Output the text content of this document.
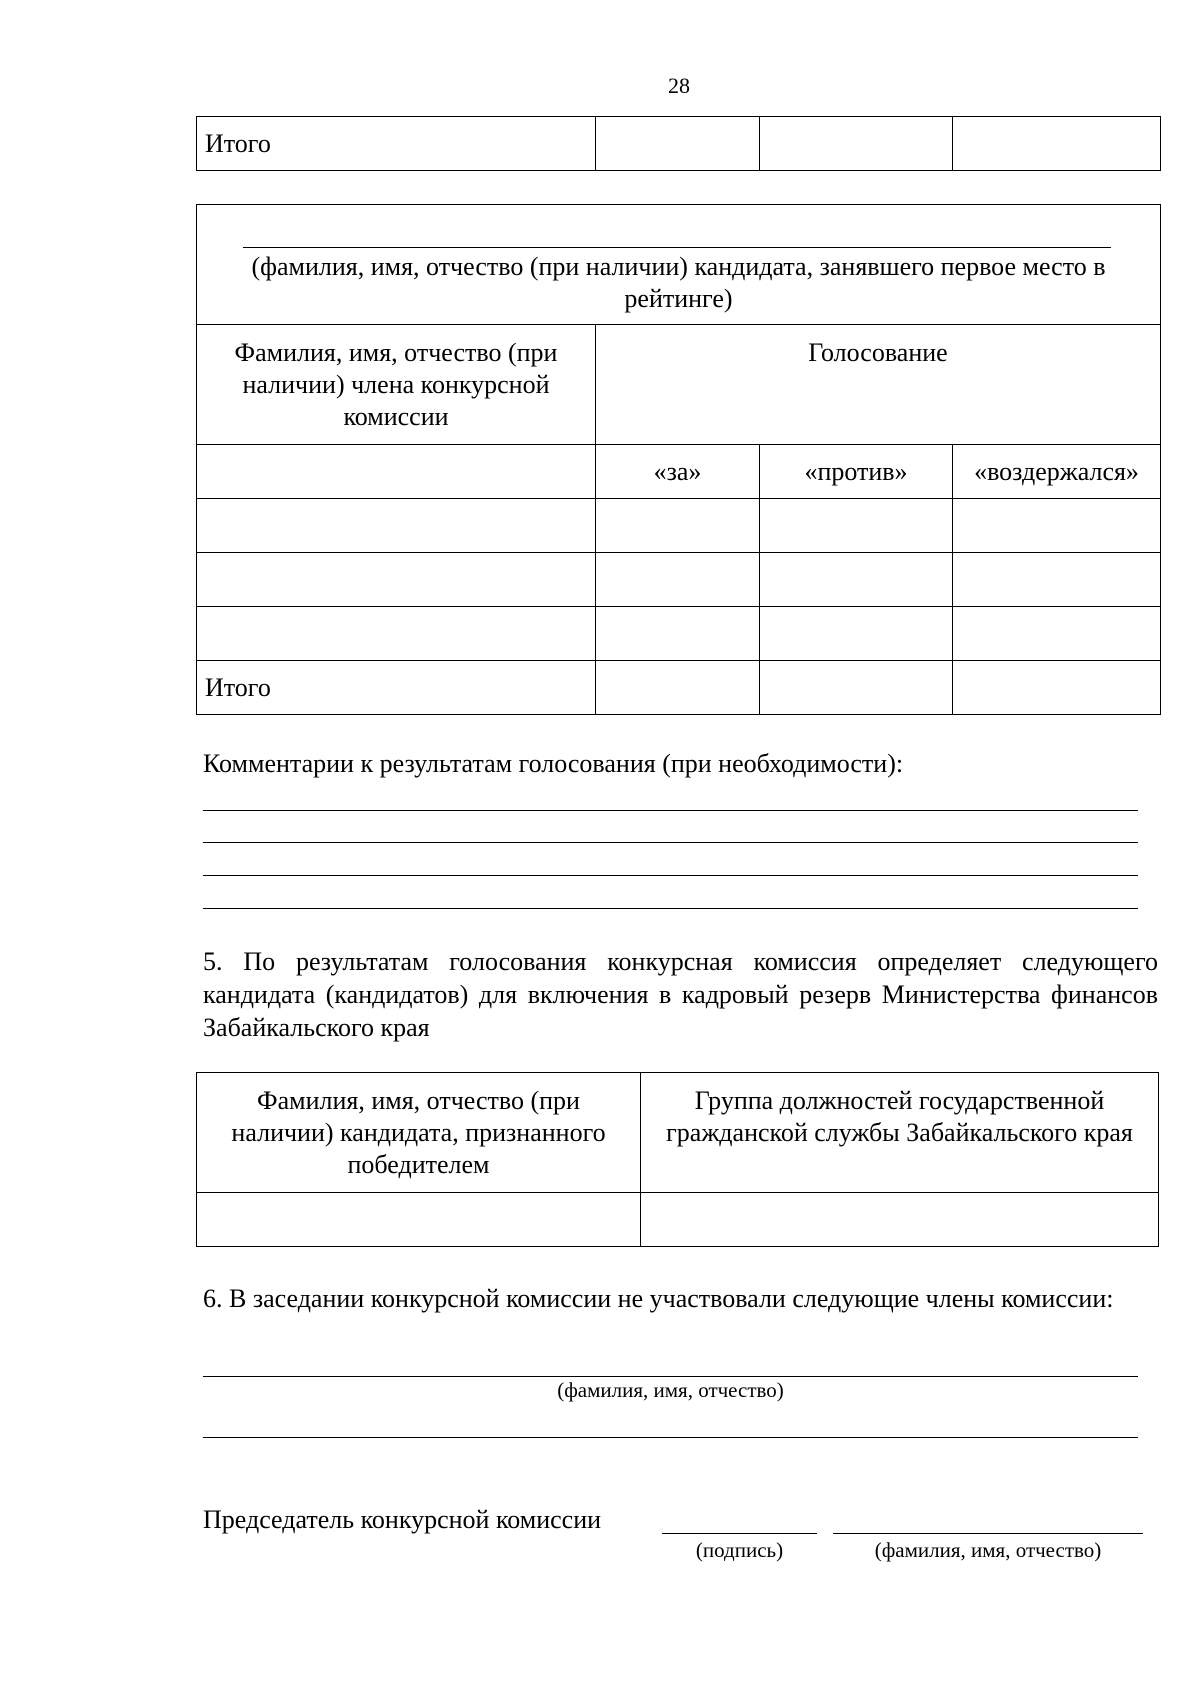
28
Итого

(фамилия, имя, отчество (при наличии) кандидата, занявшего первое место в рейтинге)			

Фамилия, имя, отчество (при наличии) члена конкурсной комиссии	Голосование		

	«за»	«против»	«воздержался»

Итого			

Комментарии к результатам голосования (при необходимости):
5. По результатам голосования конкурсная комиссия определяет следующего кандидата (кандидатов) для включения в кадровый резерв Министерства финансов Забайкальского края
Фамилия, имя, отчество (при наличии) кандидата, признанного победителем	Группа должностей государственной гражданской службы Забайкальского края

6. В заседании конкурсной комиссии не участвовали следующие члены комиссии:
(фамилия, имя, отчество)
Председатель конкурсной комиссии
(подпись)	(фамилия, имя, отчество)
